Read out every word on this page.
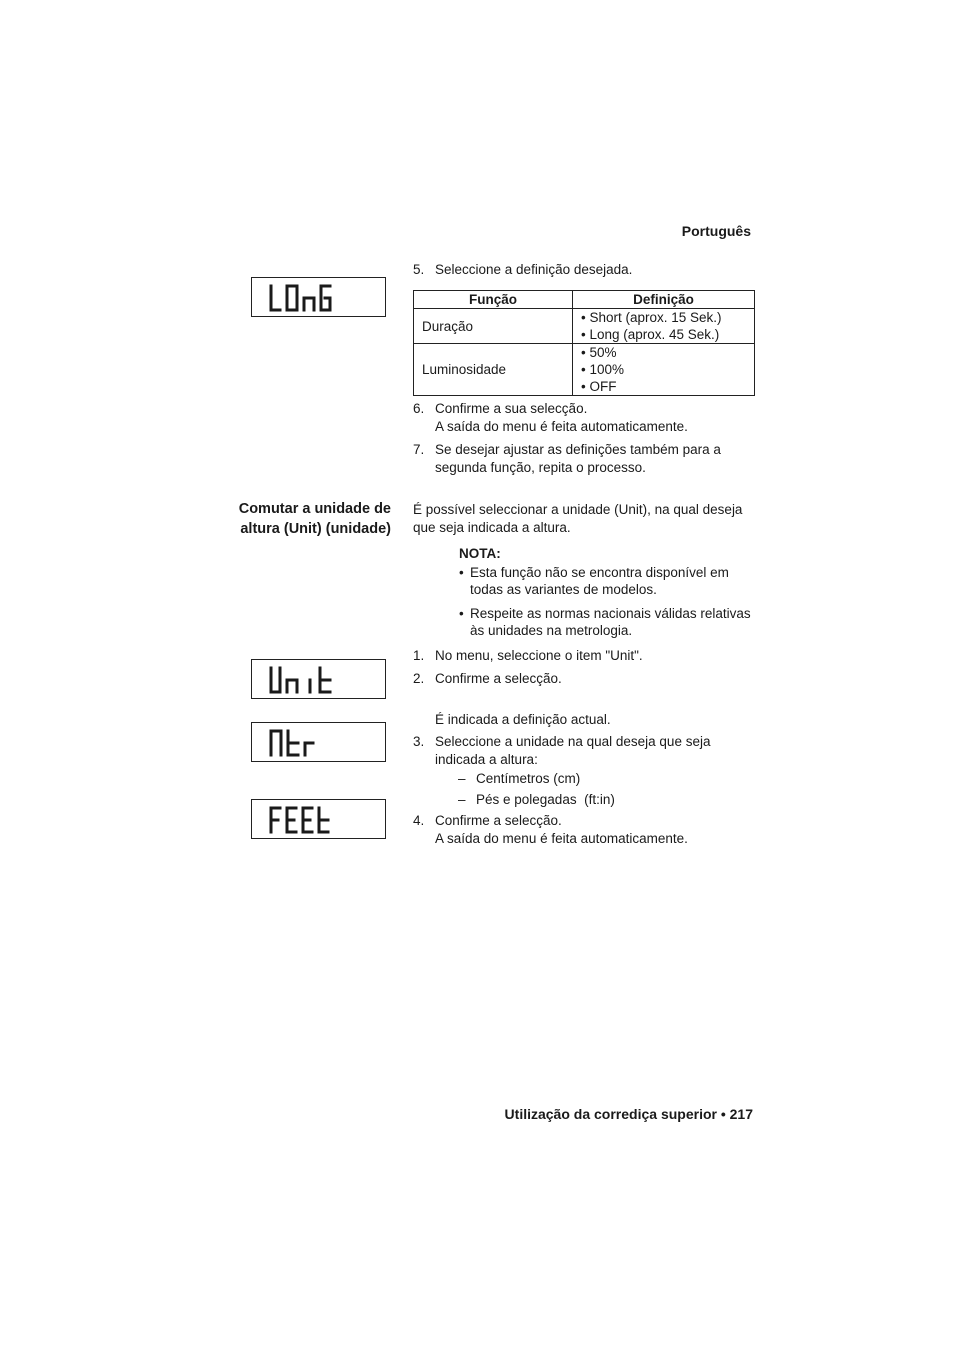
Português
5. Seleccione a definição desejada.
Função	Definição
Duração	• Short (aprox. 15 Sek.)
• Long (aprox. 45 Sek.)

Luminosidade	• 50%
• 100%
• OFF
6. Confirme a sua selecção.
A saída do menu é feita automaticamente.
7. Se desejar ajustar as definições também para a
segunda função, repita o processo.
Comutar a unidade de
altura (Unit) (unidade)
É possível seleccionar a unidade (Unit), na qual deseja
que seja indicada a altura.
NOTA:
• Esta função não se encontra disponível em
todas as variantes de modelos.
• Respeite as normas nacionais válidas relativas
às unidades na metrologia.
1. No menu, seleccione o item "Unit".
2. Confirme a selecção.
É indicada a definição actual.
3. Seleccione a unidade na qual deseja que seja
indicada a altura:
– Centímetros (cm)
– Pés e polegadas  (ft:in)
4. Confirme a selecção.
A saída do menu é feita automaticamente.
Utilização da corrediça superior • 217
